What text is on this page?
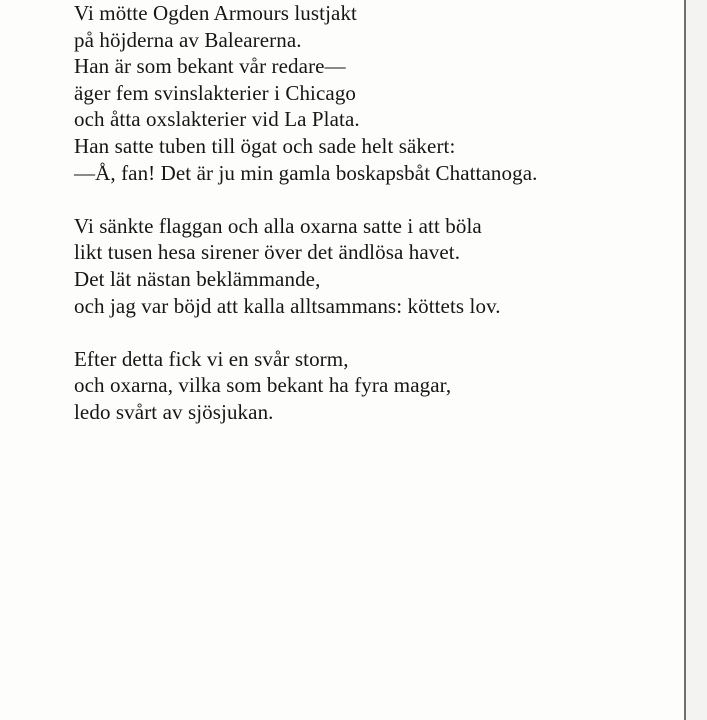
Vi mötte Ogden Armours lustjakt
på höjderna av Balearerna.
Han är som bekant vår redare—
äger fem svinslakterier i Chicago
och åtta oxslakterier vid La Plata.
Han satte tuben till ögat och sade helt säkert:
—Å, fan! Det är ju min gamla boskapsbåt Chattanoga.
Vi sänkte flaggan och alla oxarna satte i att böla
likt tusen hesa sirener över det ändlösa havet.
Det lät nästan beklämmande,
och jag var böjd att kalla alltsammans: köttets lov.
Efter detta fick vi en svår storm,
och oxarna, vilka som bekant ha fyra magar,
ledo svårt av sjösjukan.
